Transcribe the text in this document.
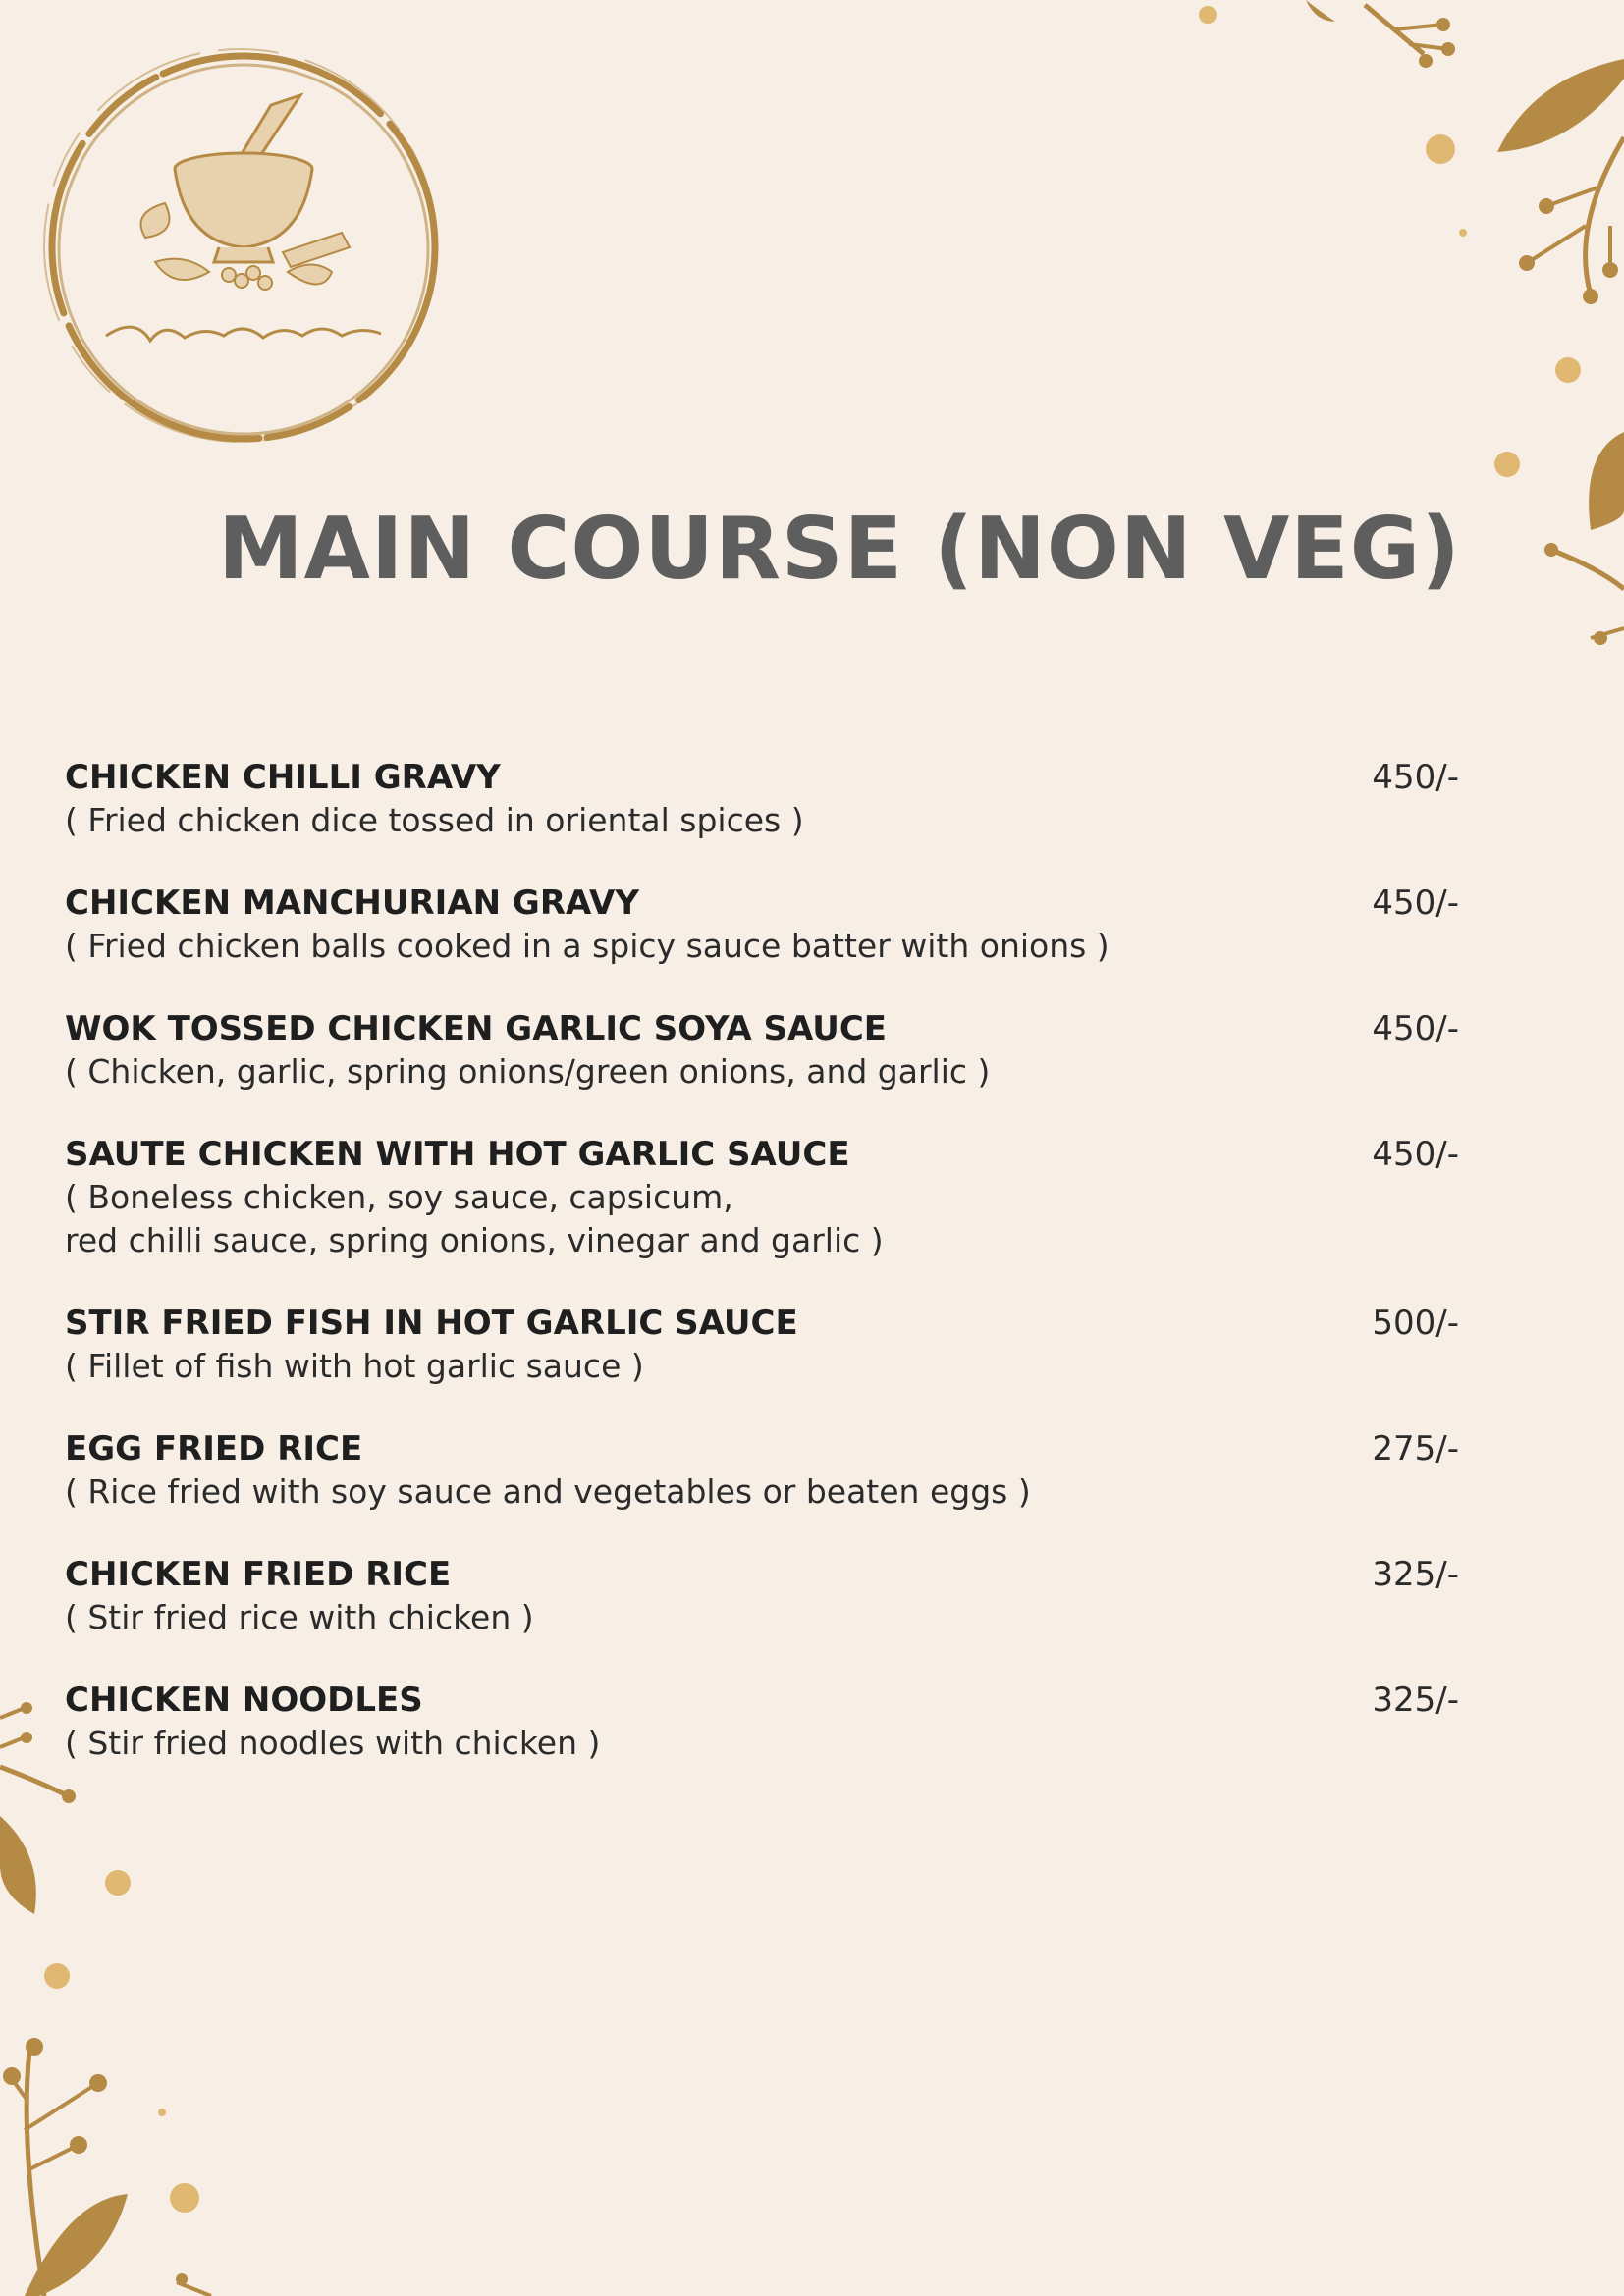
MAIN COURSE (NON VEG)
CHICKEN CHILLI GRAVY
( Fried chicken dice tossed in oriental spices )
450/-
CHICKEN MANCHURIAN GRAVY
( Fried chicken balls cooked in a spicy sauce batter with onions )
450/-
WOK TOSSED CHICKEN GARLIC SOYA SAUCE
( Chicken, garlic, spring onions/green onions, and garlic )
450/-
SAUTE CHICKEN WITH HOT GARLIC SAUCE
( Boneless chicken, soy sauce, capsicum,
red chilli sauce, spring onions, vinegar and garlic )
450/-
STIR FRIED FISH IN HOT GARLIC SAUCE
( Fillet of fish with hot garlic sauce )
500/-
EGG FRIED RICE
( Rice fried with soy sauce and vegetables or beaten eggs )
275/-
CHICKEN FRIED RICE
( Stir fried rice with chicken )
325/-
CHICKEN NOODLES
( Stir fried noodles with chicken )
325/-
